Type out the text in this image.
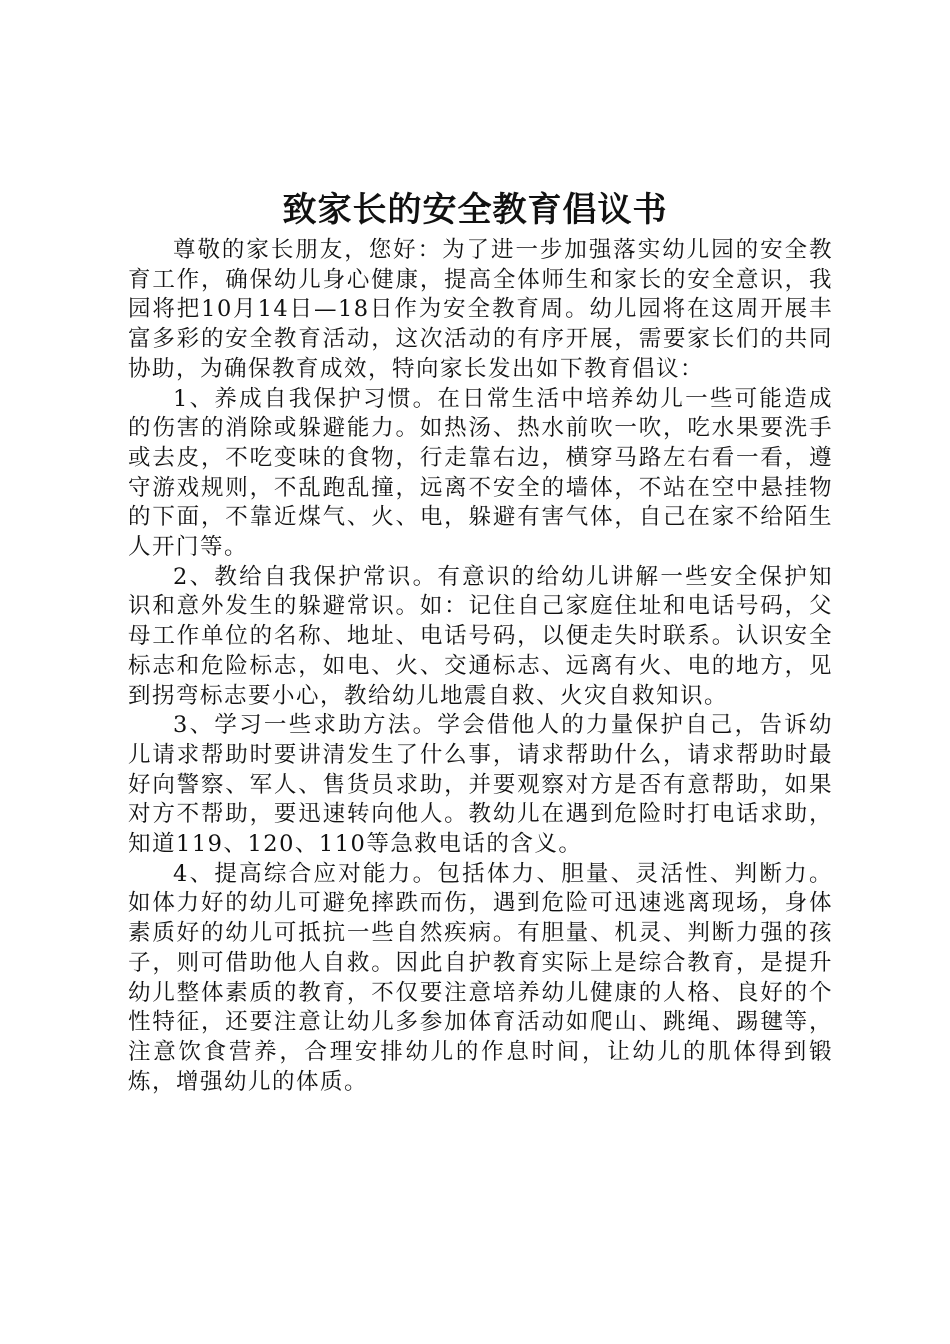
致家长的安全教育倡议书

尊敬的家长朋友，您好：为了进一步加强落实幼儿园的安全教育工作，确保幼儿身心健康，提高全体师生和家长的安全意识，我园将把10月14日—18日作为安全教育周。幼儿园将在这周开展丰富多彩的安全教育活动，这次活动的有序开展，需要家长们的共同协助，为确保教育成效，特向家长发出如下教育倡议：

1、养成自我保护习惯。在日常生活中培养幼儿一些可能造成的伤害的消除或躲避能力。如热汤、热水前吹一吹，吃水果要洗手或去皮，不吃变味的食物，行走靠右边，横穿马路左右看一看，遵守游戏规则，不乱跑乱撞，远离不安全的墙体，不站在空中悬挂物的下面，不靠近煤气、火、电，躲避有害气体，自己在家不给陌生人开门等。

2、教给自我保护常识。有意识的给幼儿讲解一些安全保护知识和意外发生的躲避常识。如：记住自己家庭住址和电话号码，父母工作单位的名称、地址、电话号码，以便走失时联系。认识安全标志和危险标志，如电、火、交通标志、远离有火、电的地方，见到拐弯标志要小心，教给幼儿地震自救、火灾自救知识。

3、学习一些求助方法。学会借他人的力量保护自己，告诉幼儿请求帮助时要讲清发生了什么事，请求帮助什么，请求帮助时最好向警察、军人、售货员求助，并要观察对方是否有意帮助，如果对方不帮助，要迅速转向他人。教幼儿在遇到危险时打电话求助，知道119、120、110等急救电话的含义。

4、提高综合应对能力。包括体力、胆量、灵活性、判断力。如体力好的幼儿可避免摔跌而伤，遇到危险可迅速逃离现场，身体素质好的幼儿可抵抗一些自然疾病。有胆量、机灵、判断力强的孩子，则可借助他人自救。因此自护教育实际上是综合教育，是提升幼儿整体素质的教育，不仅要注意培养幼儿健康的人格、良好的个性特征，还要注意让幼儿多参加体育活动如爬山、跳绳、踢毽等，注意饮食营养，合理安排幼儿的作息时间，让幼儿的肌体得到锻炼，增强幼儿的体质。
